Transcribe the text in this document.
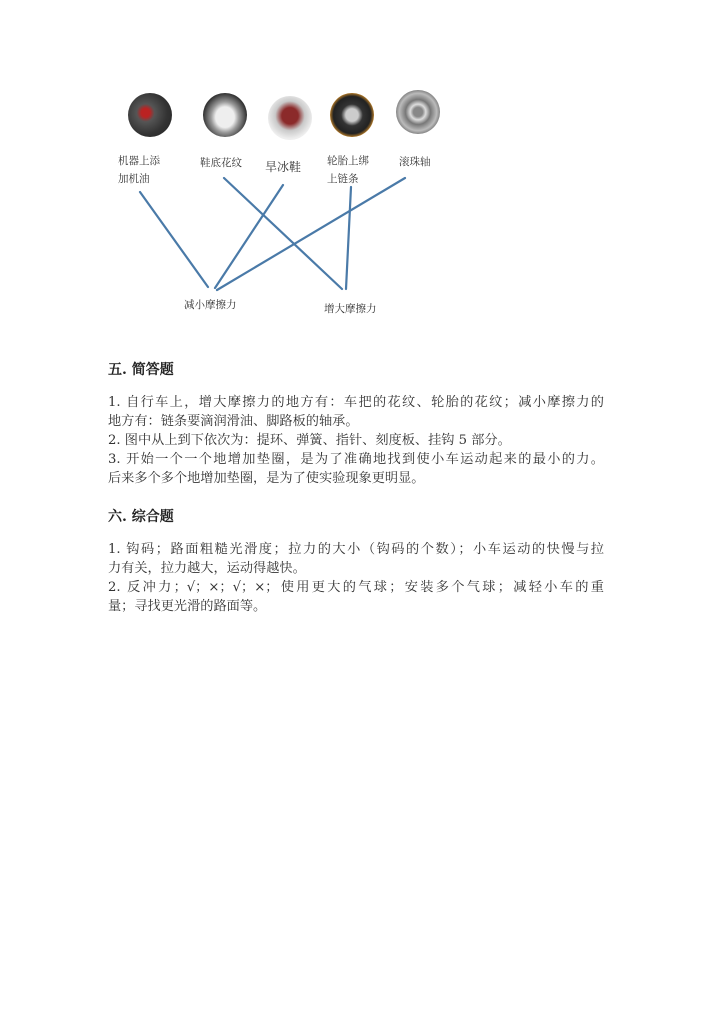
机器上添
加机油
鞋底花纹 旱冰鞋 轮胎上绑
上链条
滚珠轴
减小摩擦力	增大摩擦力
五. 简答题
1. 自行车上，增大摩擦力的地方有：车把的花纹、轮胎的花纹；减小摩擦力的
地方有：链条要滴润滑油、脚路板的轴承。
2. 图中从上到下依次为：提环、弹簧、指针、刻度板、挂钩 5 部分。
3. 开始一个一个地增加垫圈，是为了准确地找到使小车运动起来的最小的力。
后来多个多个地增加垫圈，是为了使实验现象更明显。
六. 综合题
1. 钩码；路面粗糙光滑度；拉力的大小（钩码的个数）；小车运动的快慢与拉
力有关，拉力越大，运动得越快。
2. 反冲力；√；×；√；×；使用更大的气球；安装多个气球；减轻小车的重
量；寻找更光滑的路面等。
